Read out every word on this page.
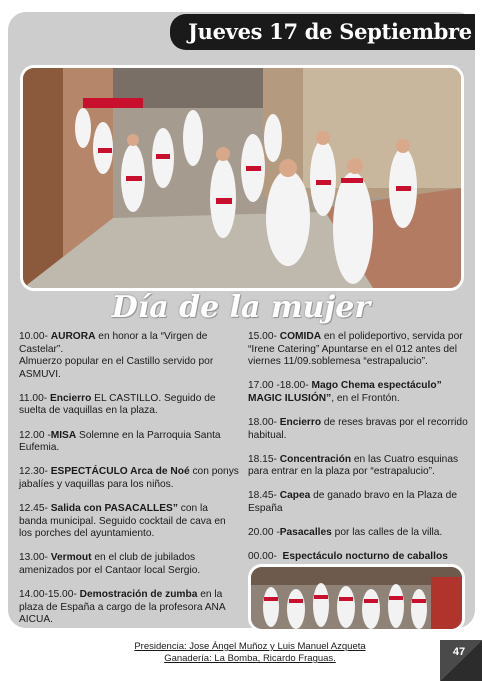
Jueves 17 de Septiembre
Día de la mujer
10.00- AURORA en honor a la “Virgen de Castelar”.
Almuerzo popular en el Castillo servido por ASMUVI.
11.00- Encierro EL CASTILLO. Seguido de suelta de vaquillas en la plaza.
12.00 -MISA Solemne en la Parroquia Santa Eufemia.
12.30- ESPECTÁCULO Arca de Noé con ponys jabalíes y vaquillas para los niños.
12.45- Salida con PASACALLES” con la banda municipal. Seguido cocktail de cava en los porches del ayuntamiento.
13.00- Vermout en el club de jubilados amenizados por el Cantaor local Sergio.
14.00-15.00- Demostración de zumba en la plaza de España a cargo de la profesora ANA AICUA.
15.00- COMIDA en el polideportivo, servida por “Irene Catering” Apuntarse en el 012 antes del viernes 11/09.soblemesa “estrapalucio”.
17.00 -18.00- Mago Chema espectáculo” MAGIC ILUSIÓN”, en el Frontón.
18.00- Encierro de reses bravas por el recorrido habitual.
18.15- Concentración en las Cuatro esquinas para entrar en la plaza por “estrapalucio”.
18.45- Capea de ganado bravo en la Plaza de España
20.00 -Pasacalles por las calles de la villa.
00.00-  Espectáculo nocturno de caballos
Presidencia: Jose Ángel Muñoz y Luis Manuel Azqueta
Ganadería: La Bomba, Ricardo Fraguas.
47
